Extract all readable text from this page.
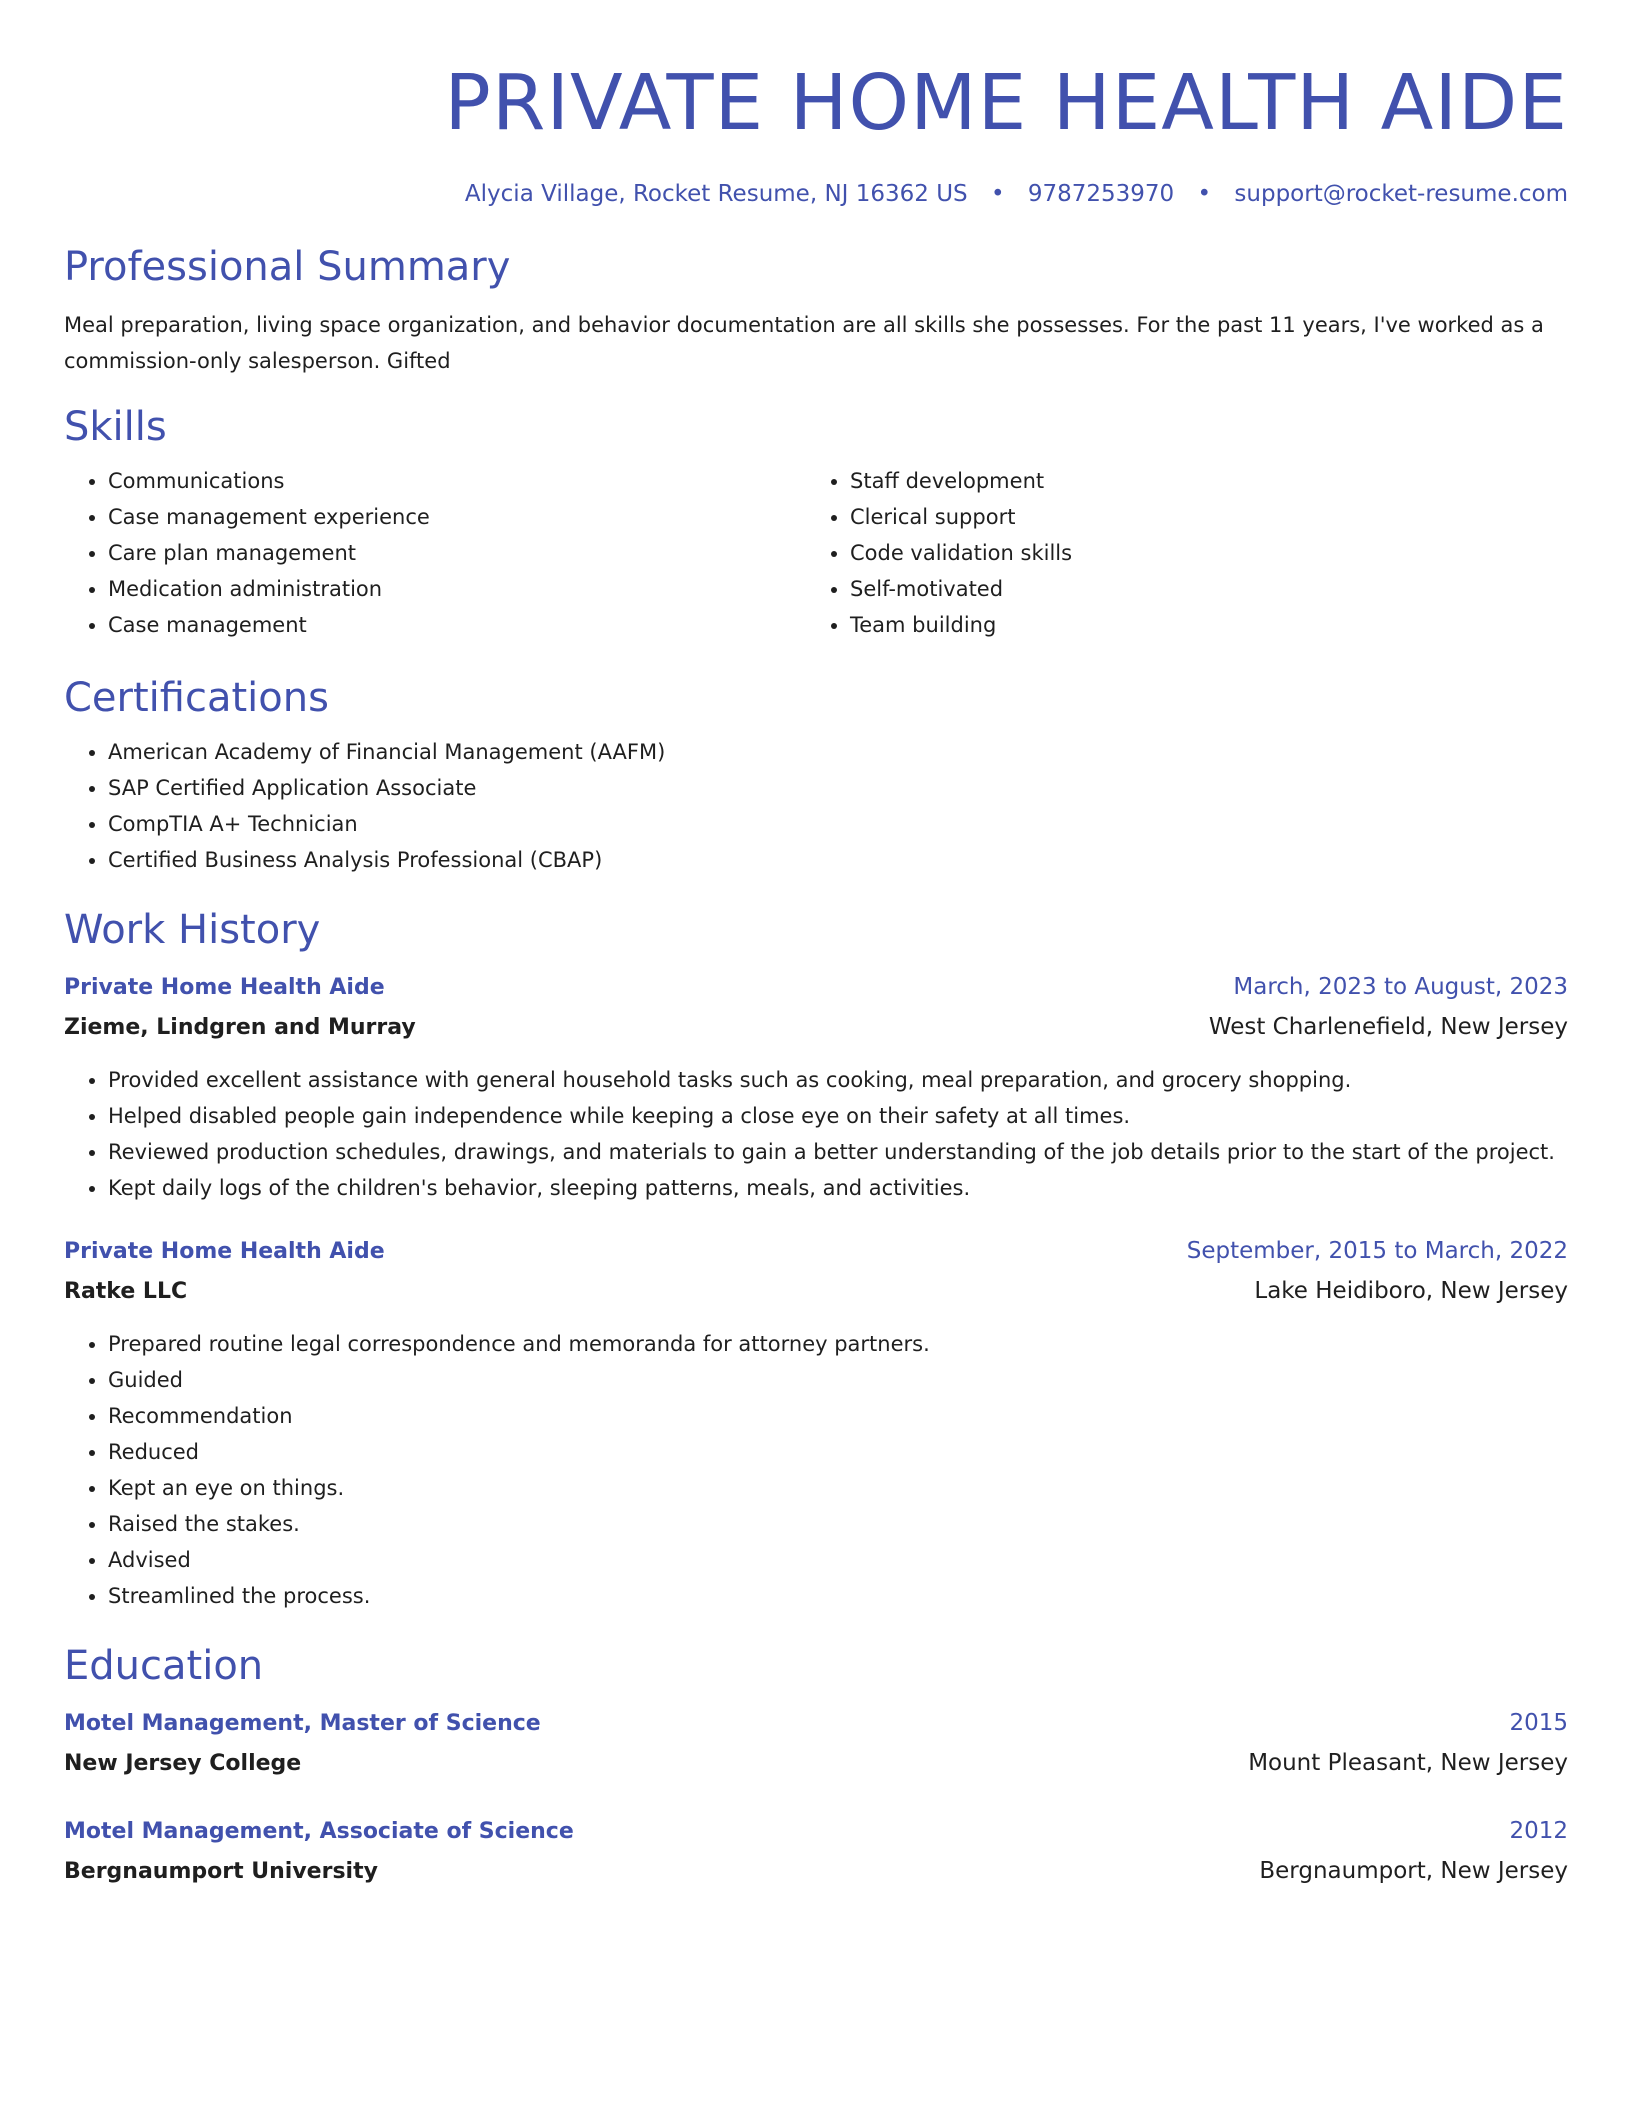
PRIVATE HOME HEALTH AIDE
Alycia Village, Rocket Resume, NJ 16362 US • 9787253970 • support@rocket-resume.com
Professional Summary

Meal preparation, living space organization, and behavior documentation are all skills she possesses. For the past 11 years, I've worked as a commission-only salesperson. Gifted

Skills
• Communications
• Case management experience
• Care plan management
• Medication administration
• Case management
• Staff development
• Clerical support
• Code validation skills
• Self-motivated
• Team building
Certifications
• American Academy of Financial Management (AAFM)
• SAP Certified Application Associate
• CompTIA A+ Technician
• Certified Business Analysis Professional (CBAP)
Work History
Private Home Health Aide	March, 2023 to August, 2023
Zieme, Lindgren and Murray	West Charlenefield, New Jersey
• Provided excellent assistance with general household tasks such as cooking, meal preparation, and grocery shopping.
• Helped disabled people gain independence while keeping a close eye on their safety at all times.
• Reviewed production schedules, drawings, and materials to gain a better understanding of the job details prior to the start of the project.
• Kept daily logs of the children's behavior, sleeping patterns, meals, and activities.
Private Home Health Aide	September, 2015 to March, 2022
Ratke LLC	Lake Heidiboro, New Jersey
• Prepared routine legal correspondence and memoranda for attorney partners.
• Guided
• Recommendation
• Reduced
• Kept an eye on things.
• Raised the stakes.
• Advised
• Streamlined the process.
Education
Motel Management, Master of Science	2015
New Jersey College	Mount Pleasant, New Jersey
Motel Management, Associate of Science	2012
Bergnaumport University	Bergnaumport, New Jersey
